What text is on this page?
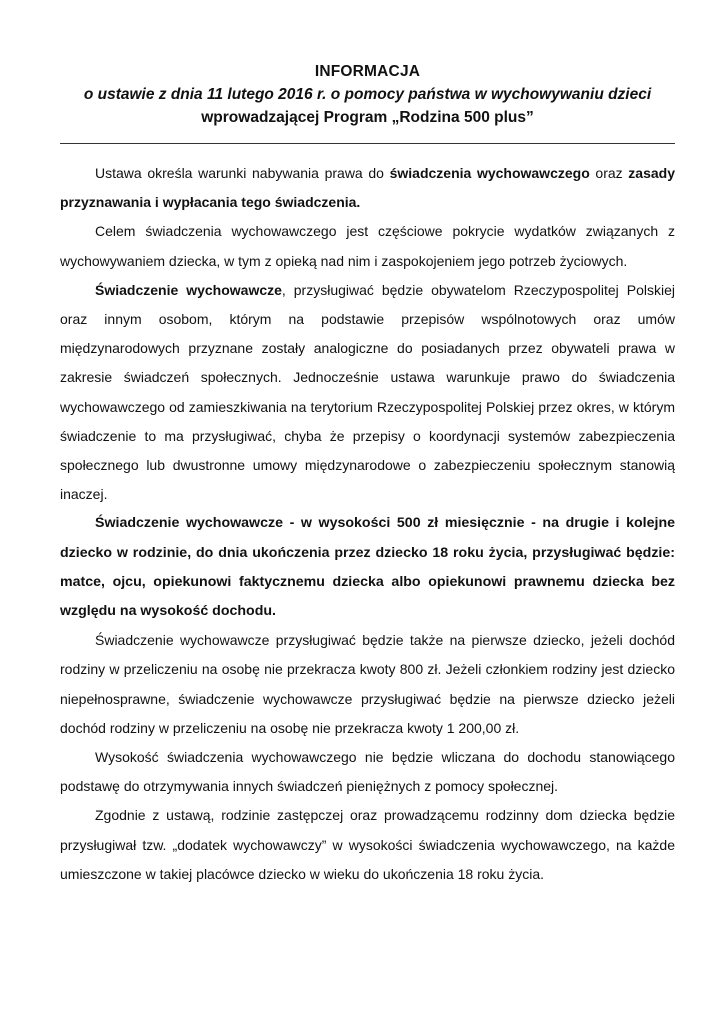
INFORMACJA
o ustawie z dnia 11 lutego 2016 r. o pomocy państwa w wychowywaniu dzieci
wprowadzającej Program „Rodzina 500 plus”

Ustawa określa warunki nabywania prawa do świadczenia wychowawczego oraz zasady przyznawania i wypłacania tego świadczenia.

Celem świadczenia wychowawczego jest częściowe pokrycie wydatków związanych z wychowywaniem dziecka, w tym z opieką nad nim i zaspokojeniem jego potrzeb życiowych.

Świadczenie wychowawcze, przysługiwać będzie obywatelom Rzeczypospolitej Polskiej oraz innym osobom, którym na podstawie przepisów wspólnotowych oraz umów międzynarodowych przyznane zostały analogiczne do posiadanych przez obywateli prawa w zakresie świadczeń społecznych. Jednocześnie ustawa warunkuje prawo do świadczenia wychowawczego od zamieszkiwania na terytorium Rzeczypospolitej Polskiej przez okres, w którym świadczenie to ma przysługiwać, chyba że przepisy o koordynacji systemów zabezpieczenia społecznego lub dwustronne umowy międzynarodowe o zabezpieczeniu społecznym stanowią inaczej.

Świadczenie wychowawcze - w wysokości 500 zł miesięcznie - na drugie i kolejne dziecko w rodzinie, do dnia ukończenia przez dziecko 18 roku życia, przysługiwać będzie: matce, ojcu, opiekunowi faktycznemu dziecka albo opiekunowi prawnemu dziecka bez względu na wysokość dochodu.

Świadczenie wychowawcze przysługiwać będzie także na pierwsze dziecko, jeżeli dochód rodziny w przeliczeniu na osobę nie przekracza kwoty 800 zł. Jeżeli członkiem rodziny jest dziecko niepełnosprawne, świadczenie wychowawcze przysługiwać będzie na pierwsze dziecko jeżeli dochód rodziny w przeliczeniu na osobę nie przekracza kwoty 1 200,00 zł.

Wysokość świadczenia wychowawczego nie będzie wliczana do dochodu stanowiącego podstawę do otrzymywania innych świadczeń pieniężnych z pomocy społecznej.

Zgodnie z ustawą, rodzinie zastępczej oraz prowadzącemu rodzinny dom dziecka będzie przysługiwał tzw. „dodatek wychowawczy” w wysokości świadczenia wychowawczego, na każde umieszczone w takiej placówce dziecko w wieku do ukończenia 18 roku życia.
